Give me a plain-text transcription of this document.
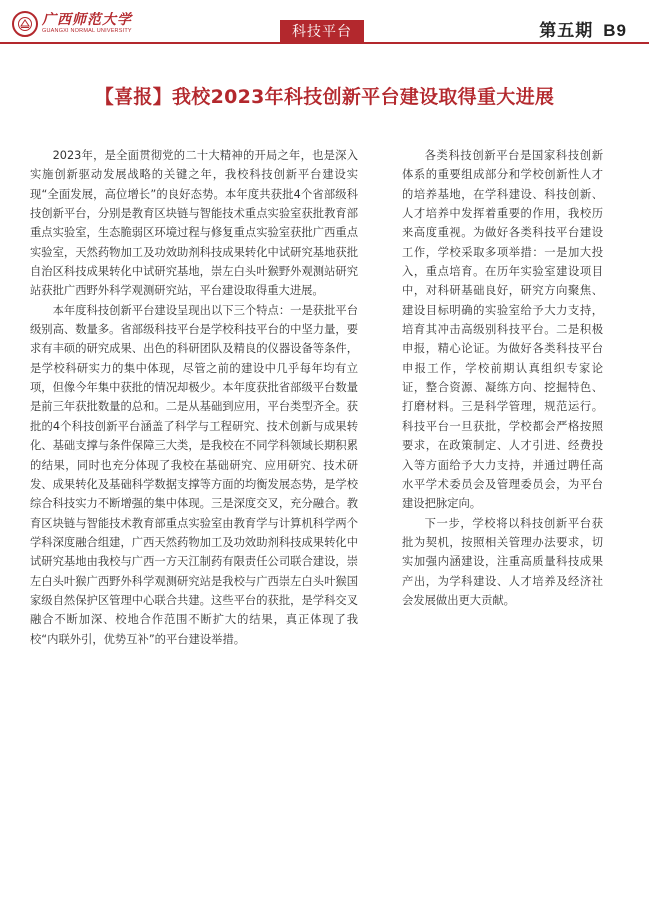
广西师范大学
GUANGXI NORMAL UNIVERSITY	科技平台	第五期 B9
【喜报】我校2023年科技创新平台建设取得重大进展

2023年，是全面贯彻党的二十大精神的开局之年，也是深入实施创新驱动发展战略的关键之年，我校科技创新平台建设实现“全面发展，高位增长”的良好态势。本年度共获批4个省部级科技创新平台，分别是教育区块链与智能技术重点实验室获批教育部重点实验室，生态脆弱区环境过程与修复重点实验室获批广西重点实验室，天然药物加工及功效助剂科技成果转化中试研究基地获批自治区科技成果转化中试研究基地，崇左白头叶猴野外观测站研究站获批广西野外科学观测研究站，平台建设取得重大进展。

本年度科技创新平台建设呈现出以下三个特点：一是获批平台级别高、数量多。省部级科技平台是学校科技平台的中坚力量，要求有丰硕的研究成果、出色的科研团队及精良的仪器设备等条件，是学校科研实力的集中体现，尽管之前的建设中几乎每年均有立项，但像今年集中获批的情况却极少。本年度获批省部级平台数量是前三年获批数量的总和。二是从基础到应用，平台类型齐全。获批的4个科技创新平台涵盖了科学与工程研究、技术创新与成果转化、基础支撑与条件保障三大类，是我校在不同学科领域长期积累的结果，同时也充分体现了我校在基础研究、应用研究、技术研发、成果转化及基础科学数据支撑等方面的均衡发展态势，是学校综合科技实力不断增强的集中体现。三是深度交叉，充分融合。教育区块链与智能技术教育部重点实验室由教育学与计算机科学两个学科深度融合组建，广西天然药物加工及功效助剂科技成果转化中试研究基地由我校与广西一方天江制药有限责任公司联合建设，崇左白头叶猴广西野外科学观测研究站是我校与广西崇左白头叶猴国家级自然保护区管理中心联合共建。这些平台的获批，是学科交叉融合不断加深、校地合作范围不断扩大的结果，真正体现了我校“内联外引，优势互补”的平台建设举措。

各类科技创新平台是国家科技创新体系的重要组成部分和学校创新性人才的培养基地，在学科建设、科技创新、人才培养中发挥着重要的作用，我校历来高度重视。为做好各类科技平台建设工作，学校采取多项举措：一是加大投入，重点培育。在历年实验室建设项目中，对科研基础良好，研究方向聚焦、建设目标明确的实验室给予大力支持，培育其冲击高级别科技平台。二是积极申报，精心论证。为做好各类科技平台申报工作，学校前期认真组织专家论证，整合资源、凝练方向、挖掘特色、打磨材料。三是科学管理，规范运行。科技平台一旦获批，学校都会严格按照要求，在政策制定、人才引进、经费投入等方面给予大力支持，并通过聘任高水平学术委员会及管理委员会，为平台建设把脉定向。

下一步，学校将以科技创新平台获批为契机，按照相关管理办法要求，切实加强内涵建设，注重高质量科技成果产出，为学科建设、人才培养及经济社会发展做出更大贡献。
